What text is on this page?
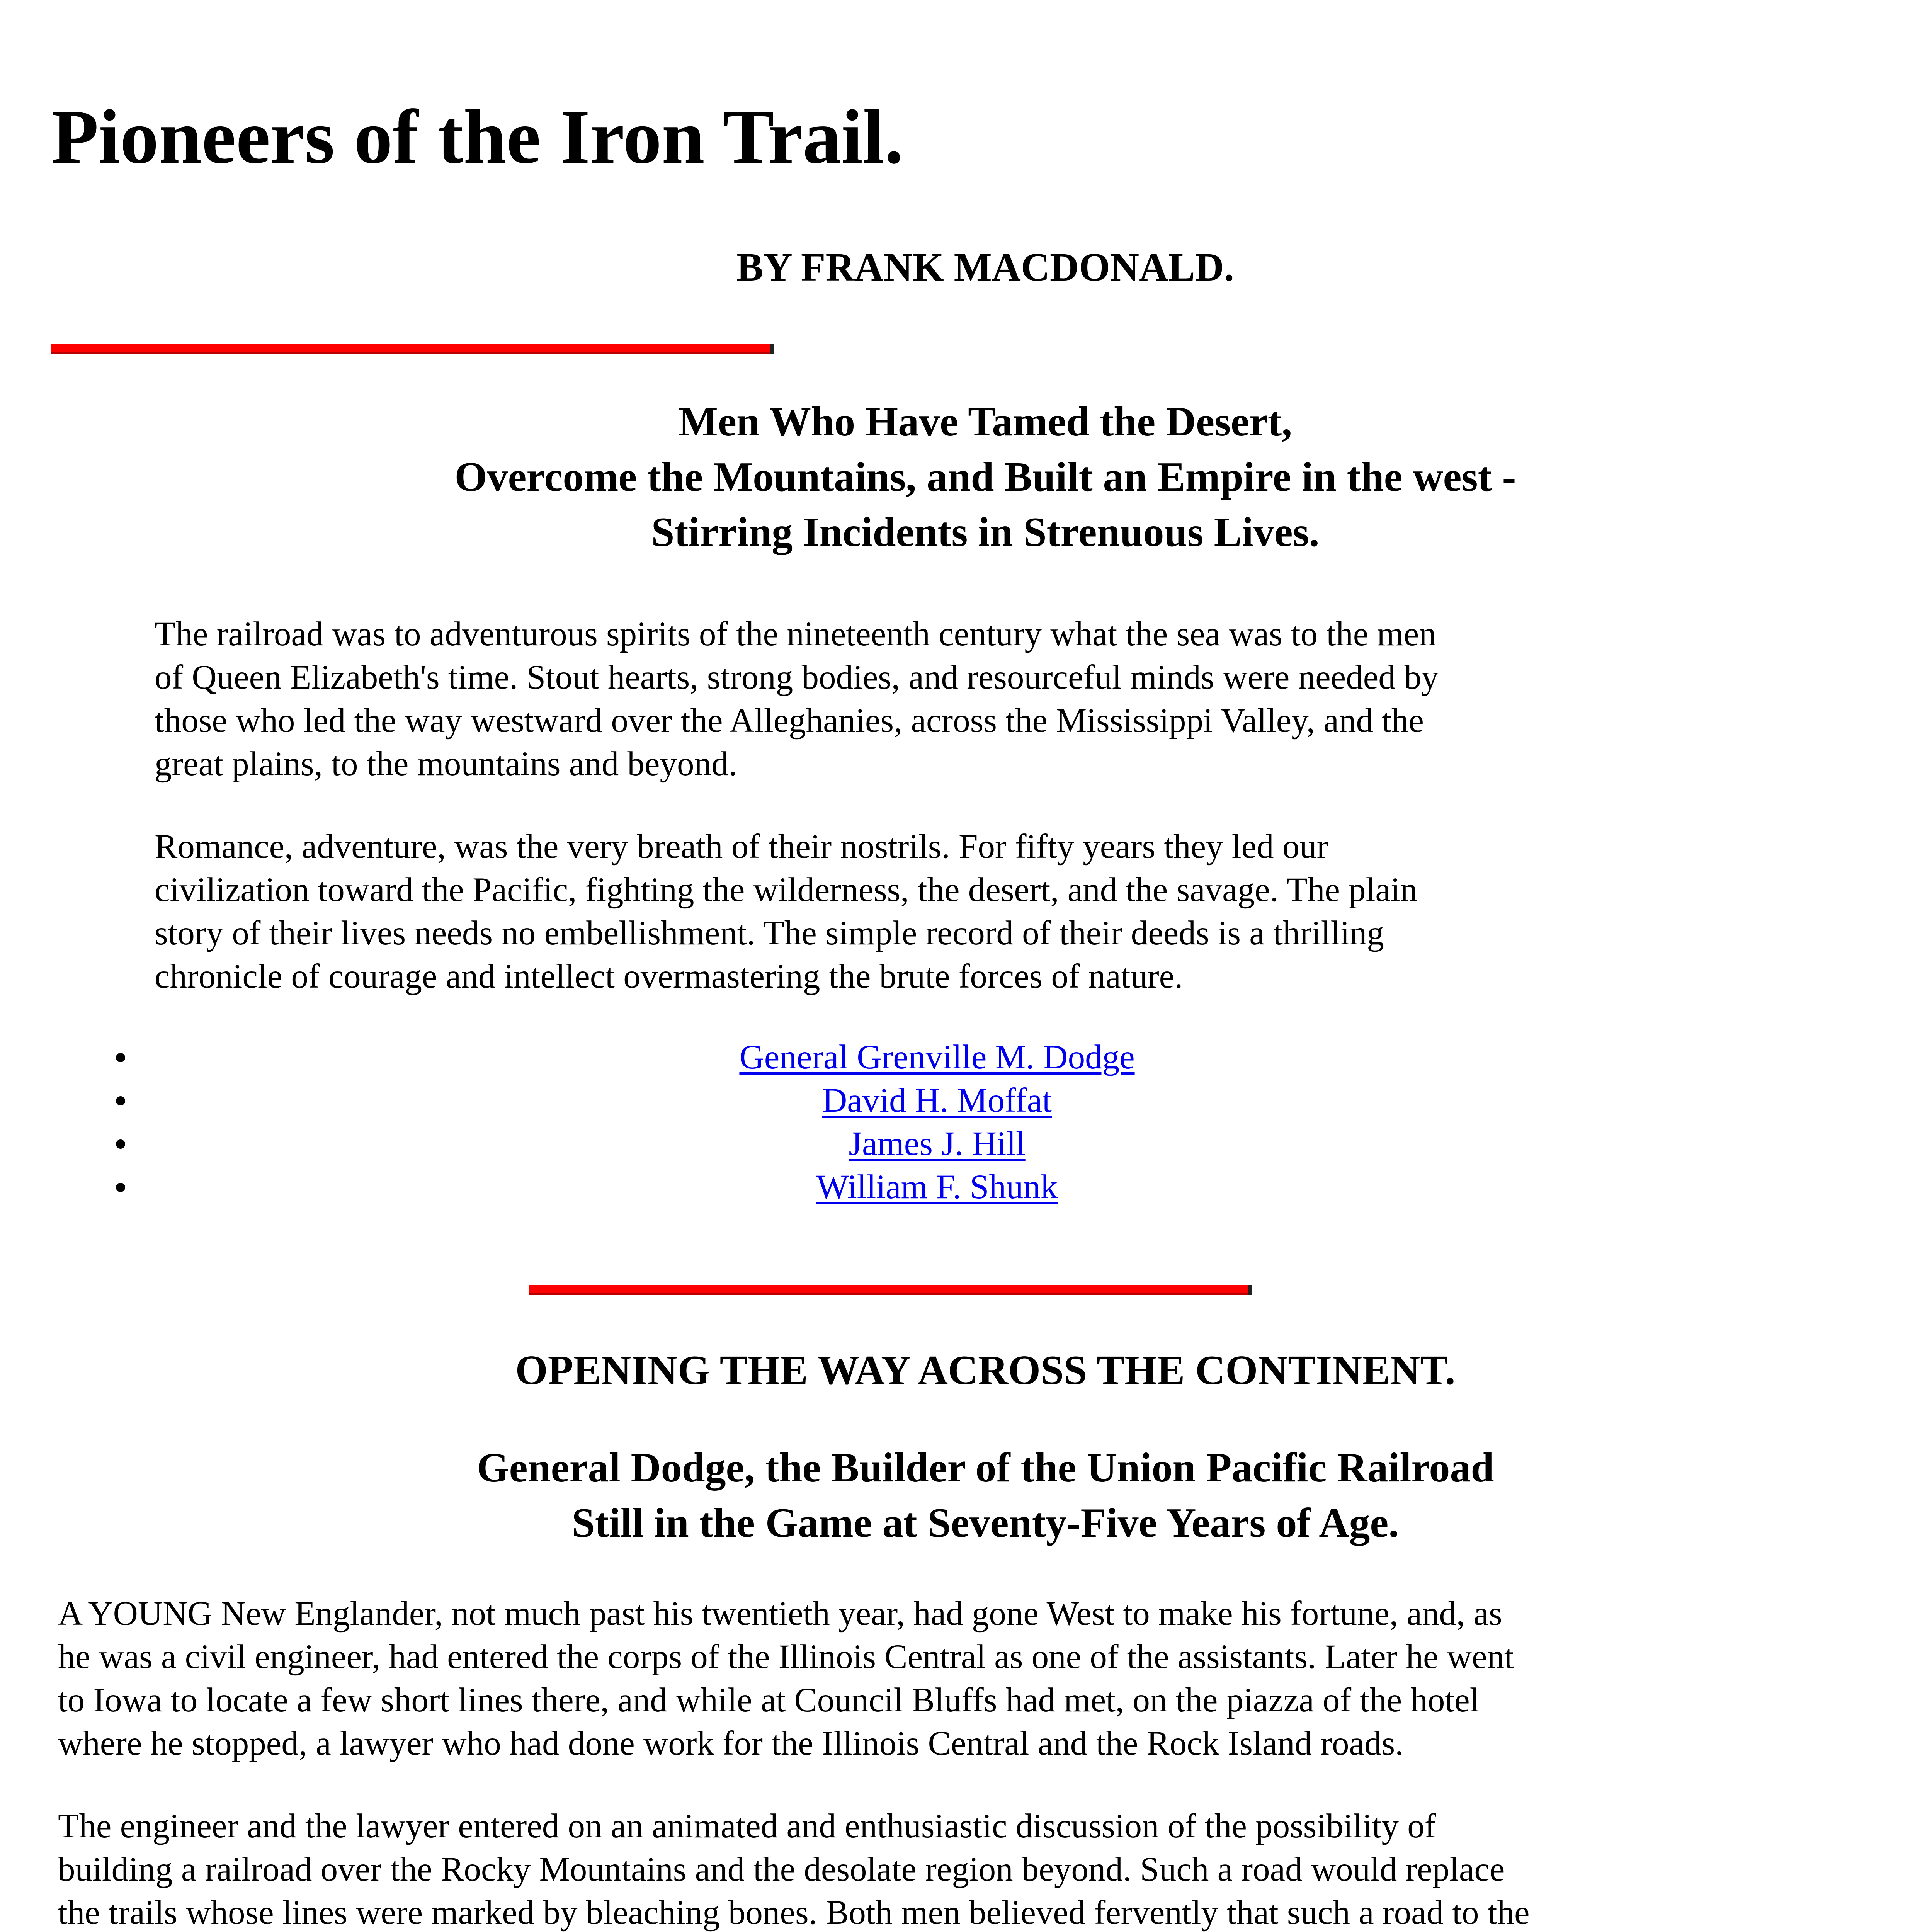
Pioneers of the Iron Trail.

BY FRANK MACDONALD.

Men Who Have Tamed the Desert,
Overcome the Mountains, and Built an Empire in the west -
Stirring Incidents in Strenuous Lives.
The railroad was to adventurous spirits of the nineteenth century what the sea was to the men
of Queen Elizabeth's time. Stout hearts, strong bodies, and resourceful minds were needed by
those who led the way westward over the Alleghanies, across the Mississippi Valley, and the
great plains, to the mountains and beyond.
Romance, adventure, was the very breath of their nostrils. For fifty years they led our
civilization toward the Pacific, fighting the wilderness, the desert, and the savage. The plain
story of their lives needs no embellishment. The simple record of their deeds is a thrilling
chronicle of courage and intellect overmastering the brute forces of nature.
General Grenville M. Dodge
David H. Moffat
James J. Hill
William F. Shunk
OPENING THE WAY ACROSS THE CONTINENT.
General Dodge, the Builder of the Union Pacific Railroad
Still in the Game at Seventy-Five Years of Age.
A YOUNG New Englander, not much past his twentieth year, had gone West to make his fortune, and, as
he was a civil engineer, had entered the corps of the Illinois Central as one of the assistants. Later he went
to Iowa to locate a few short lines there, and while at Council Bluffs had met, on the piazza of the hotel
where he stopped, a lawyer who had done work for the Illinois Central and the Rock Island roads.
The engineer and the lawyer entered on an animated and enthusiastic discussion of the possibility of
building a railroad over the Rocky Mountains and the desolate region beyond. Such a road would replace
the trails whose lines were marked by bleaching bones. Both men believed fervently that such a road to the
